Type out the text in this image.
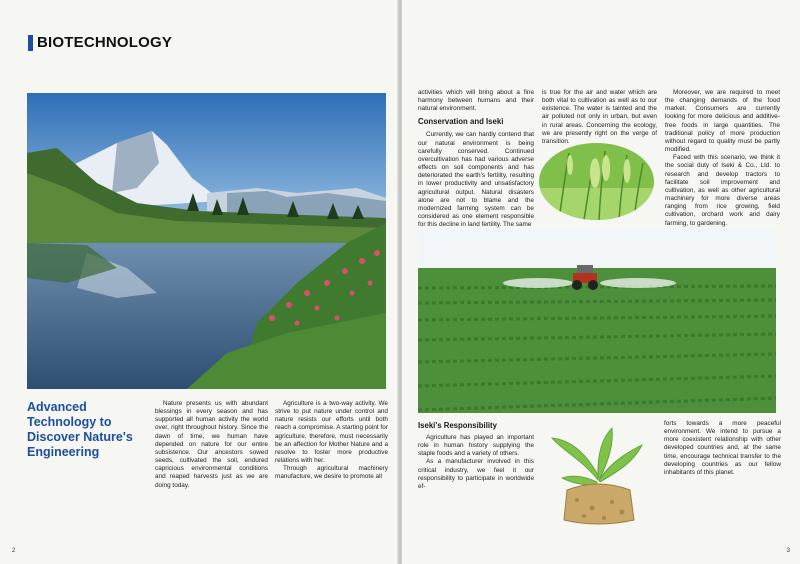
BIOTECHNOLOGY
Advanced Technology to Discover Nature's Engineering

Nature presents us with abundant blessings in every season and has supported all human activity the world over, right throughout history. Since the dawn of time, we human have depended on nature for our entire subsistence. Our ancestors sowed seeds, cultivated the soil, endured capricious environmental conditions and reaped harvests just as we are doing today.

Agriculture is a two-way activity. We strive to put nature under control and nature resists our efforts until both reach a compromise. A starting point for agriculture, therefore, must necessarily be an affection for Mother Nature and a resolve to foster more productive relations with her.

Through agricultural machinery manufacture, we desire to promote all

2

activities which will bring about a fine harmony between humans and their natural environment.

Conservation and Iseki

Currently, we can hardly contend that our natural environment is being carefully conserved. Continued overcultivation has had various adverse effects on soil components and has deteriorated the earth's fertility, resulting in lower productivity and unsatisfactory agricultural output. Natural disasters alone are not to blame and the modernized farming system can be considered as one element responsible for this decline in land fertility. The same

is true for the air and water which are both vital to cultivation as well as to our existence. The water is tainted and the air polluted not only in urban, but even in rural areas. Concerning the ecology, we are presently right on the verge of transition.

Moreover, we are required to meet the changing demands of the food market. Consumers are currently looking for more delicious and additive-free foods in large quantities. The traditional policy of more production without regard to quality must be partly modified.

Faced with this scenario, we think it the social duty of Iseki & Co., Ltd. to research and develop tractors to facilitate soil improvement and cultivation, as well as other agricultural machinery for more diverse areas ranging from rice growing, field cultivation, orchard work and dairy farming, to gardening.

Iseki's Responsibility

Agriculture has played an important role in human history supplying the staple foods and a variety of others.

As a manufacturer involved in this critical industry, we feel it our responsibility to participate in worldwide ef-

forts towards a more peaceful environment. We intend to pursue a more coexistent relationship with other developed countries and, at the same time, encourage technical transfer to the developing countries as our fellow inhabitants of this planet.

3
